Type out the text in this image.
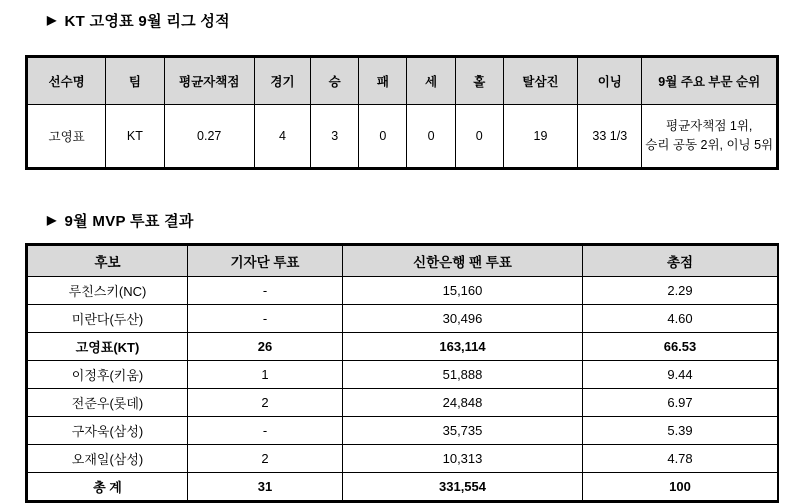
▶ KT 고영표 9월 리그 성적
선수명	팀	평균자책점	경기	승	패	세	홀	탈삼진	이닝	9월 주요 부문 순위
고영표	KT	0.27	4	3	0	0	0	19	33 1/3	평균자책점 1위,
승리 공동 2위, 이닝 5위
▶ 9월 MVP 투표 결과
후보	기자단 투표	신한은행 팬 투표	총점
루친스키(NC)	-	15,160	2.29
미란다(두산)	-	30,496	4.60
고영표(KT)	26	163,114	66.53
이정후(키움)	1	51,888	9.44
전준우(롯데)	2	24,848	6.97
구자욱(삼성)	-	35,735	5.39
오재일(삼성)	2	10,313	4.78
총 계	31	331,554	100
